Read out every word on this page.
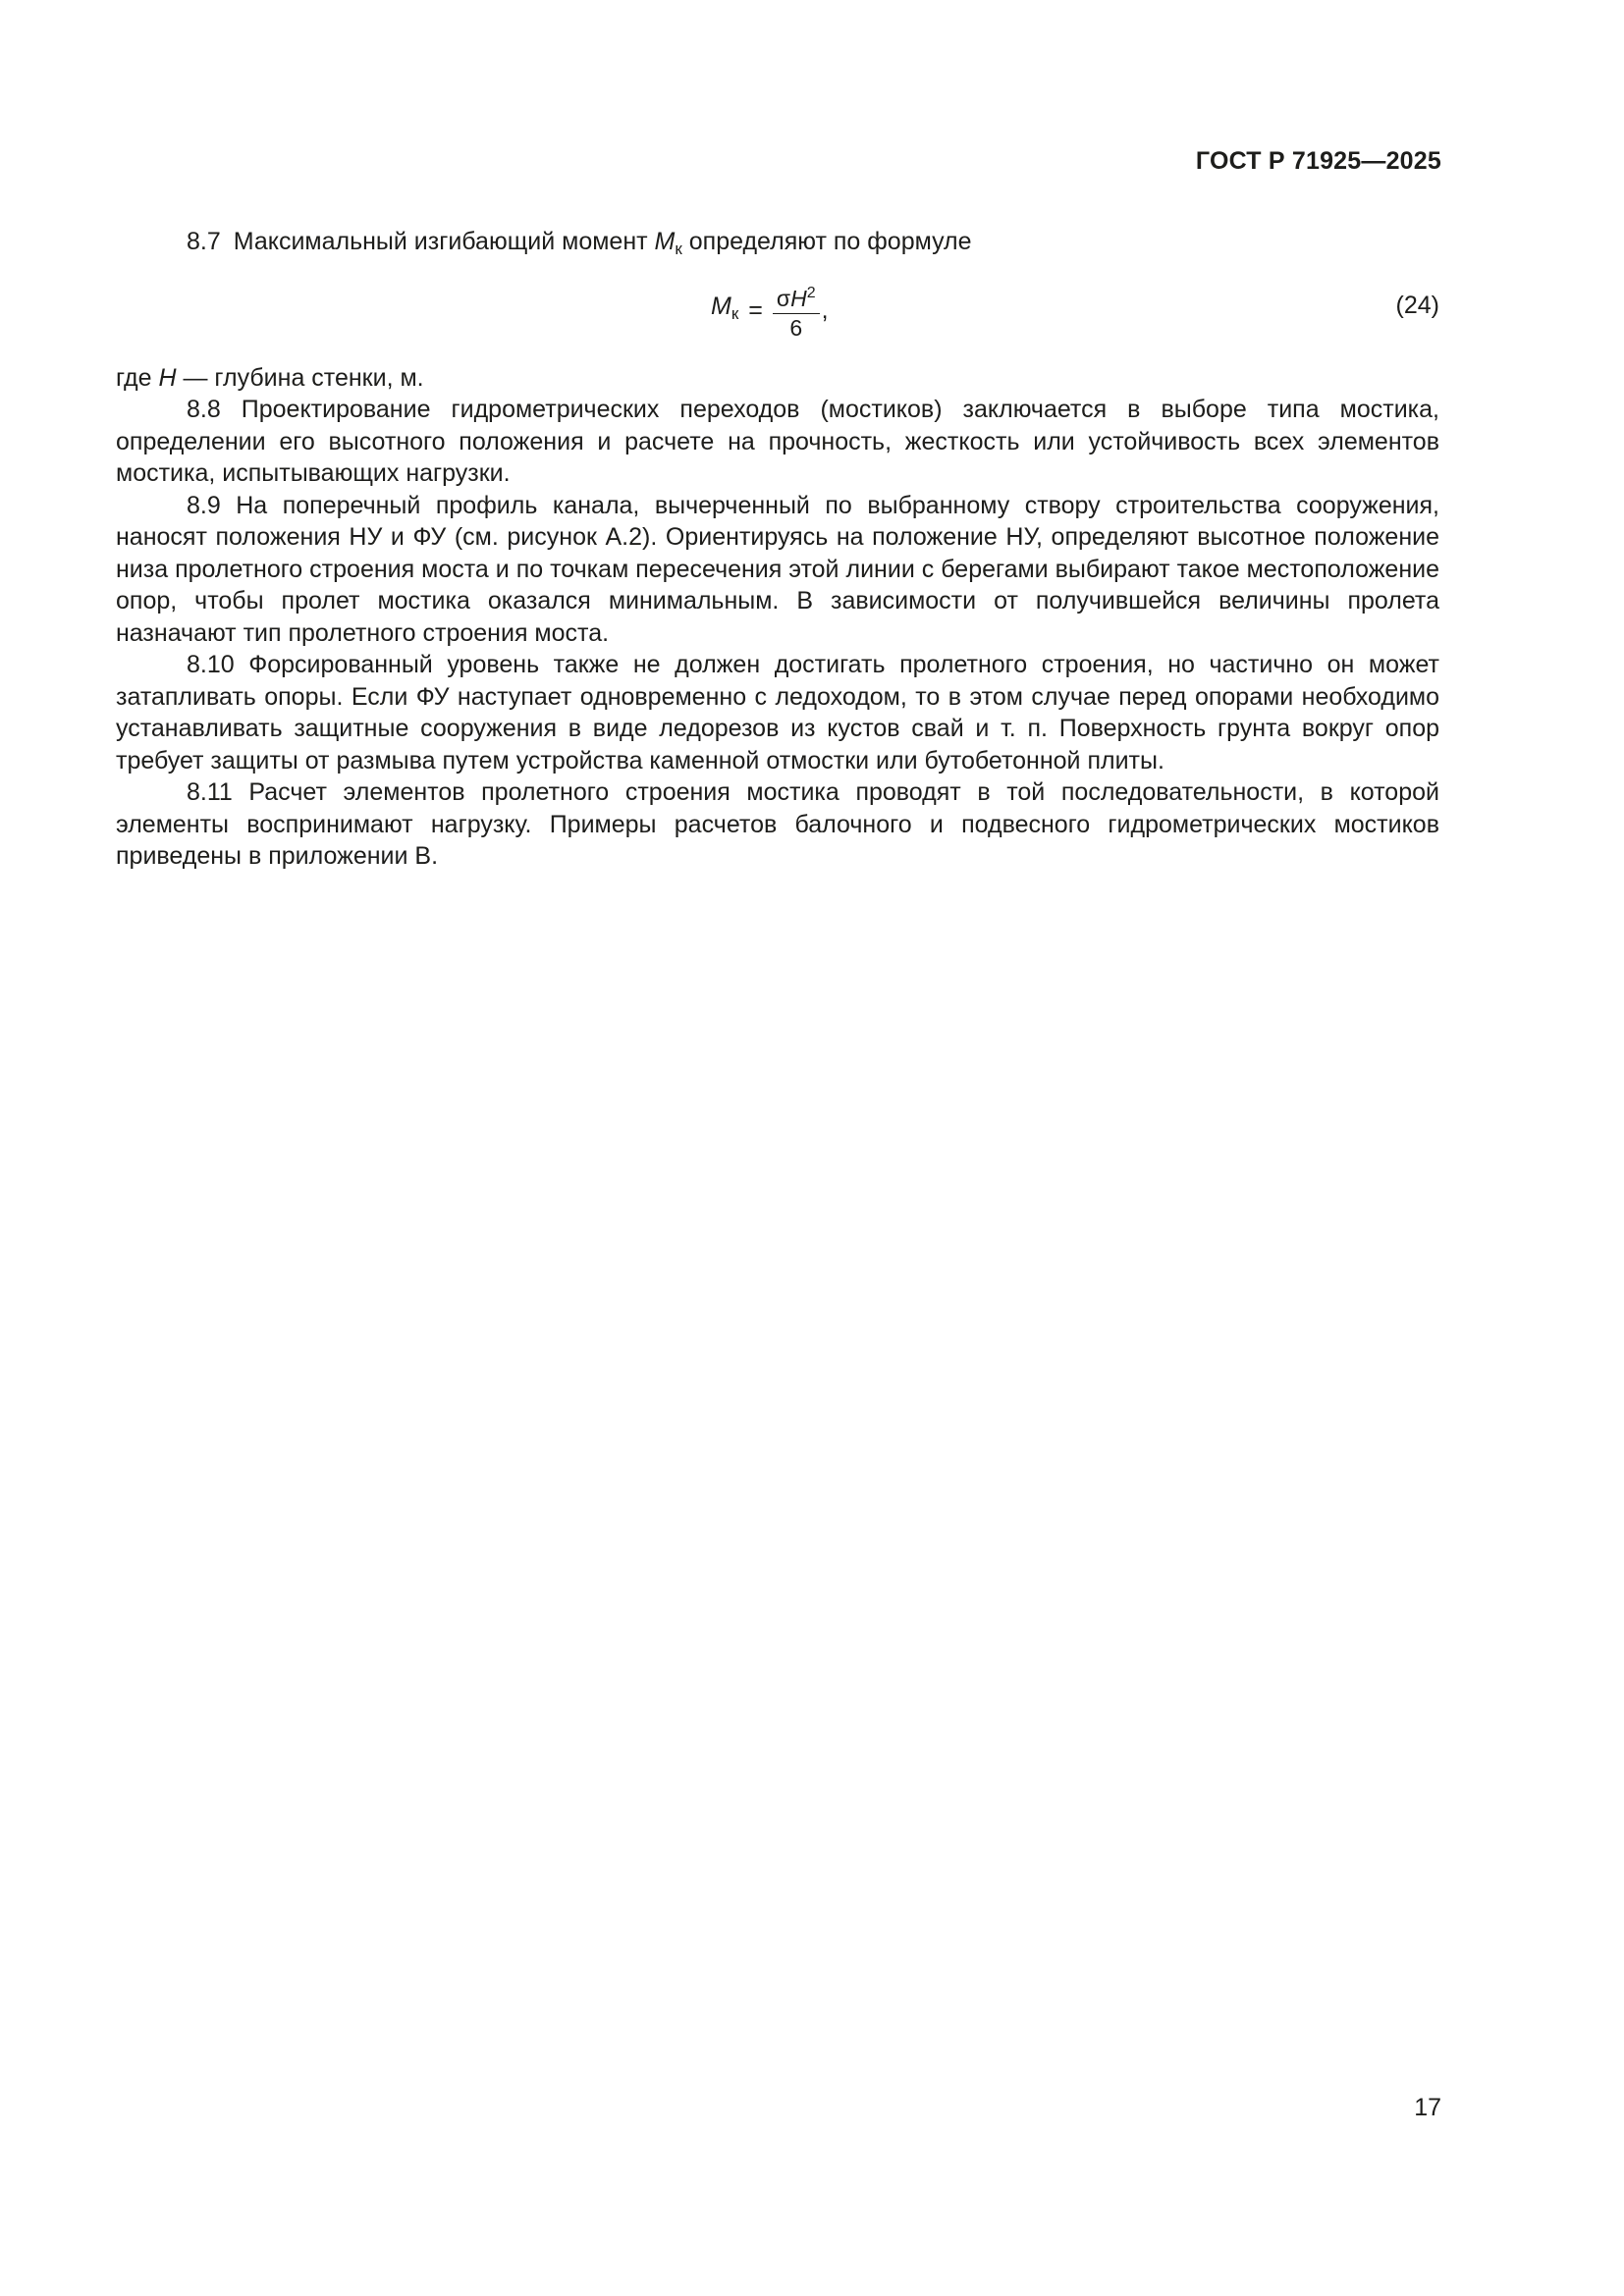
ГОСТ Р 71925—2025

8.7 Максимальный изгибающий момент $M_к$ определяют по формуле

$M_к = \frac{\sigma H^2}{6}$ ,	(24)

где H — глубина стенки, м.

8.8 Проектирование гидрометрических переходов (мостиков) заключается в выборе типа мостика, определении его высотного положения и расчете на прочность, жесткость или устойчивость всех элементов мостика, испытывающих нагрузки.

8.9 На поперечный профиль канала, вычерченный по выбранному створу строительства сооружения, наносят положения НУ и ФУ (см. рисунок А.2). Ориентируясь на положение НУ, определяют высотное положение низа пролетного строения моста и по точкам пересечения этой линии с берегами выбирают такое местоположение опор, чтобы пролет мостика оказался минимальным. В зависимости от получившейся величины пролета назначают тип пролетного строения моста.

8.10 Форсированный уровень также не должен достигать пролетного строения, но частично он может затапливать опоры. Если ФУ наступает одновременно с ледоходом, то в этом случае перед опорами необходимо устанавливать защитные сооружения в виде ледорезов из кустов свай и т. п. Поверхность грунта вокруг опор требует защиты от размыва путем устройства каменной отмостки или бутобетонной плиты.

8.11 Расчет элементов пролетного строения мостика проводят в той последовательности, в которой элементы воспринимают нагрузку. Примеры расчетов балочного и подвесного гидрометрических мостиков приведены в приложении В.

17
